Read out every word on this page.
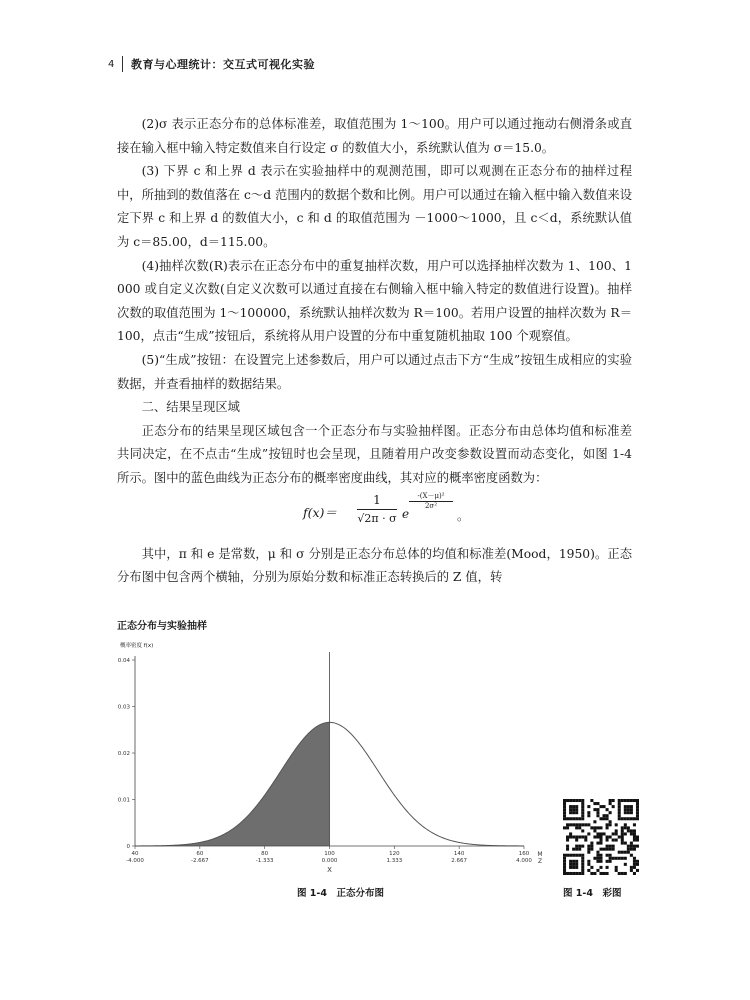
4	教育与心理统计：交互式可视化实验

(2)σ 表示正态分布的总体标准差，取值范围为 1～100。用户可以通过拖动右侧滑条或直接在输入框中输入特定数值来自行设定 σ 的数值大小，系统默认值为 σ＝15.0。

(3) 下界 c 和上界 d 表示在实验抽样中的观测范围，即可以观测在正态分布的抽样过程中，所抽到的数值落在 c～d 范围内的数据个数和比例。用户可以通过在输入框中输入数值来设定下界 c 和上界 d 的数值大小，c 和 d 的取值范围为 －1000～1000，且 c＜d，系统默认值为 c＝85.00，d＝115.00。

(4)抽样次数(R)表示在正态分布中的重复抽样次数，用户可以选择抽样次数为 1、100、1000 或自定义次数(自定义次数可以通过直接在右侧输入框中输入特定的数值进行设置)。抽样次数的取值范围为 1～100000，系统默认抽样次数为 R＝100。若用户设置的抽样次数为 R＝100，点击“生成”按钮后，系统将从用户设置的分布中重复随机抽取 100 个观察值。

(5)“生成”按钮：在设置完上述参数后，用户可以通过点击下方“生成”按钮生成相应的实验数据，并查看抽样的数据结果。

二、结果呈现区域

正态分布的结果呈现区域包含一个正态分布与实验抽样图。正态分布由总体均值和标准差共同决定，在不点击“生成”按钮时也会呈现，且随着用户改变参数设置而动态变化，如图 1-4 所示。图中的蓝色曲线为正态分布的概率密度曲线，其对应的概率密度函数为：

$f(x)= \frac{1}{√2\pi \cdot \sigma}$ e
$\frac{\text{-(X－μ)²}}{\text{2σ²}}$
。

其中，π 和 e 是常数，μ 和 σ 分别是正态分布总体的均值和标准差(Mood，1950)。正态分布图中包含两个横轴，分别为原始分数和标准正态转换后的 Z 值，转

0
0.01
0.02
0.03
0.04
40
-4.000
60
-2.667
80
-1.333
100
0.000
120
1.333
140
2.667
160
4.000
M
Z
X
正态分布与实验抽样
概率密度 f(x)
图 1-4　正态分布图	图 1-4　彩图
